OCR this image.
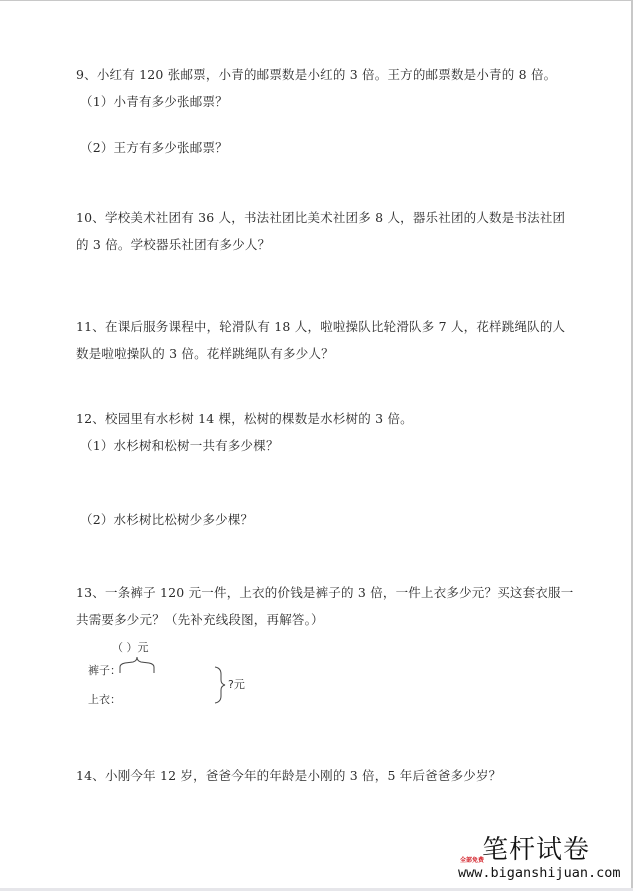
9、小红有 120 张邮票，小青的邮票数是小红的 3 倍。王方的邮票数是小青的 8 倍。
（1）小青有多少张邮票？
（2）王方有多少张邮票？
10、学校美术社团有 36 人，书法社团比美术社团多 8 人，器乐社团的人数是书法社团
的 3 倍。学校器乐社团有多少人？
11、在课后服务课程中，轮滑队有 18 人，啦啦操队比轮滑队多 7 人，花样跳绳队的人
数是啦啦操队的 3 倍。花样跳绳队有多少人？
12、校园里有水杉树 14 棵，松树的棵数是水杉树的 3 倍。
（1）水杉树和松树一共有多少棵？
（2）水杉树比松树少多少棵？
13、一条裤子 120 元一件，上衣的价钱是裤子的 3 倍，一件上衣多少元？买这套衣服一
共需要多少元？（先补充线段图，再解答。）
（ ）元
裤子：
上衣：
?元
14、小刚今年 12 岁，爸爸今年的年龄是小刚的 3 倍，5 年后爸爸多少岁？
笔杆试卷
全部免费
www.biganshijuan.com
